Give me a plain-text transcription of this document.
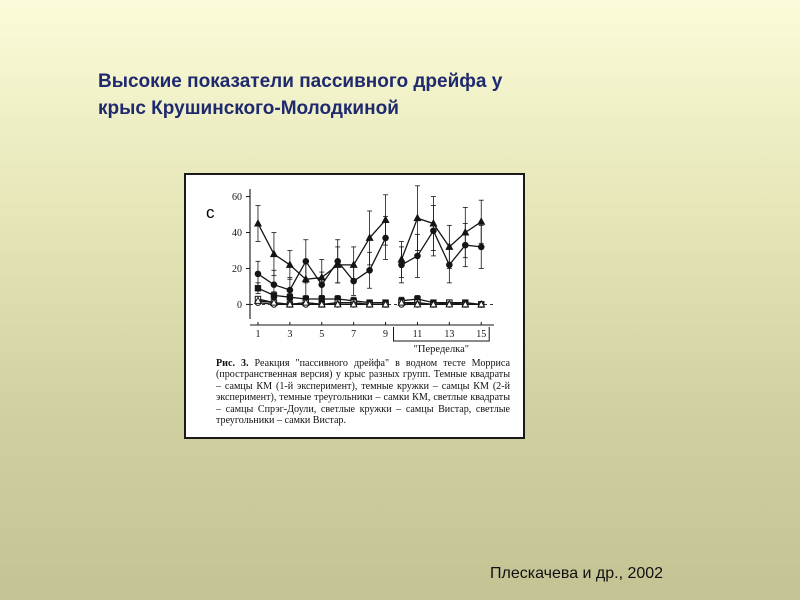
Высокие показатели пассивного дрейфа у
крыс Крушинского-Молодкиной
0
20
40
60
1	3	5	7	9 11 13 15
"Переделка"
c
Рис. 3. Реакция "пассивного дрейфа" в водном тесте Морриса (пространственная версия) у крыс разных групп. Темные квадраты – самцы КМ (1-й эксперимент), темные кружки – самцы КМ (2-й эксперимент), темные треугольники – самки КМ, светлые квадраты – самцы Спрэг-Доули, светлые кружки – самцы Вистар, светлые треугольники – самки Вистар.
Плескачева и др., 2002
